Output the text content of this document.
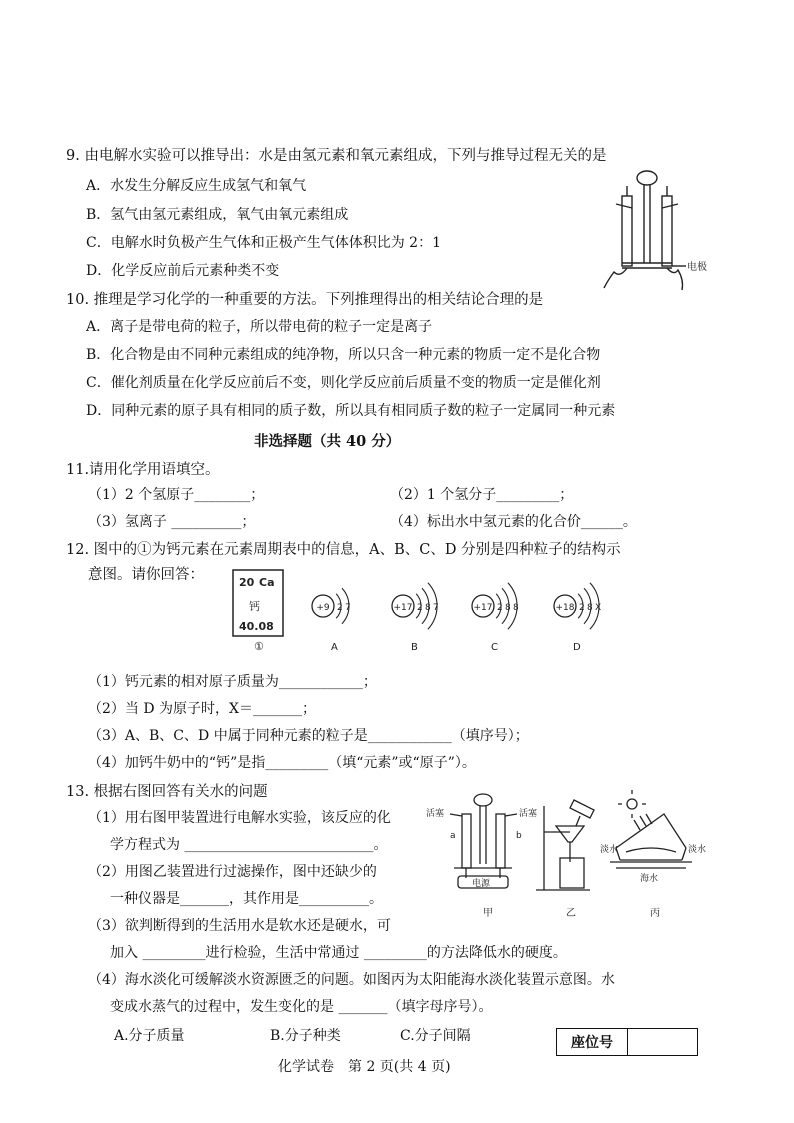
9. 由电解水实验可以推导出：水是由氢元素和氧元素组成，下列与推导过程无关的是
A．水发生分解反应生成氢气和氧气
B．氢气由氢元素组成，氧气由氧元素组成
C．电解水时负极产生气体和正极产生气体体积比为 2：1
D．化学反应前后元素种类不变	电极
10. 推理是学习化学的一种重要的方法。下列推理得出的相关结论合理的是
A．离子是带电荷的粒子，所以带电荷的粒子一定是离子
B．化合物是由不同种元素组成的纯净物，所以只含一种元素的物质一定不是化合物
C．催化剂质量在化学反应前后不变，则化学反应前后质量不变的物质一定是催化剂
D．同种元素的原子具有相同的质子数，所以具有相同质子数的粒子一定属同一种元素
非选择题（共 40 分）
11.请用化学用语填空。
（1）2 个氢原子________；	（2）1 个氢分子_________；
（3）氢离子 __________；	（4）标出水中氢元素的化合价______。
12. 图中的①为钙元素在元素周期表中的信息，A、B、C、D 分别是四种粒子的结构示
意图。请你回答：	20 Ca
钙
40.08
①
+9 2 7
A
+17 2 8 7
B
+17 2 8 8
C
+18 2 8 X
D
（1）钙元素的相对原子质量为____________；
（2）当 D 为原子时，X＝_______；
（3）A、B、C、D 中属于同种元素的粒子是____________（填序号）；
（4）加钙牛奶中的“钙”是指_________（填“元素”或“原子”）。
13. 根据右图回答有关水的问题
（1）用右图甲装置进行电解水实验，该反应的化
学方程式为 ___________________________。
（2）用图乙装置进行过滤操作，图中还缺少的
一种仪器是_______，其作用是__________。
（3）欲判断得到的生活用水是软水还是硬水，可
加入 _________进行检验，生活中常通过 _________的方法降低水的硬度。
（4）海水淡化可缓解淡水资源匮乏的问题。如图丙为太阳能海水淡化装置示意图。水
变成水蒸气的过程中，发生变化的是 _______（填字母序号）。
A.分子质量	B.分子种类	C.分子间隔
活塞	活塞
a	b
电源
甲	乙
淡水	淡水
海水
丙
座位号
化学试卷　第 2 页(共 4 页)
